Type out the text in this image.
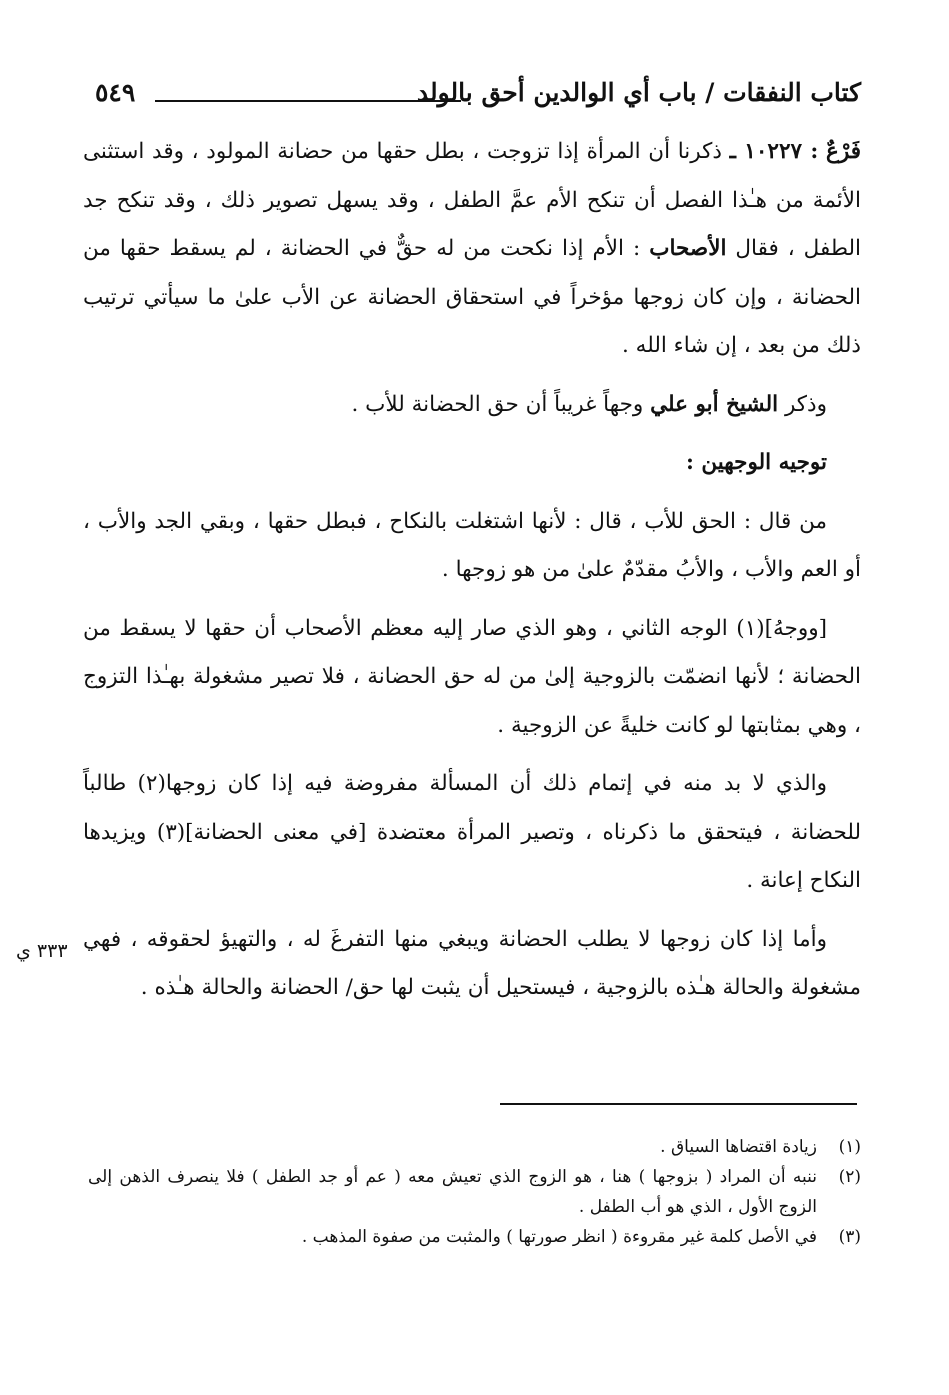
كتاب النفقات / باب أي الوالدين أحق بالولد
٥٤٩

فَرْعٌ : ١٠٢٢٧ ـ ذكرنا أن المرأة إذا تزوجت ، بطل حقها من حضانة المولود ، وقد استثنى الأئمة من هـٰذا الفصل أن تنكح الأم عمَّ الطفل ، وقد يسهل تصوير ذلك ، وقد تنكح جد الطفل ، فقال الأصحاب : الأم إذا نكحت من له حقٌّ في الحضانة ، لم يسقط حقها من الحضانة ، وإن كان زوجها مؤخراً في استحقاق الحضانة عن الأب علىٰ ما سيأتي ترتيب ذلك من بعد ، إن شاء الله .

وذكر الشيخ أبو علي وجهاً غريباً أن حق الحضانة للأب .

توجيه الوجهين :

من قال : الحق للأب ، قال : لأنها اشتغلت بالنكاح ، فبطل حقها ، وبقي الجد والأب ، أو العم والأب ، والأبُ مقدّمٌ علىٰ من هو زوجها .

[ووجهُ](١) الوجه الثاني ، وهو الذي صار إليه معظم الأصحاب أن حقها لا يسقط من الحضانة ؛ لأنها انضمّت بالزوجية إلىٰ من له حق الحضانة ، فلا تصير مشغولة بهـٰذا التزوج ، وهي بمثابتها لو كانت خليةً عن الزوجية .

والذي لا بد منه في إتمام ذلك أن المسألة مفروضة فيه إذا كان زوجها(٢) طالباً للحضانة ، فيتحقق ما ذكرناه ، وتصير المرأة معتضدة [في معنى الحضانة](٣) ويزيدها النكاح إعانة .

وأما إذا كان زوجها لا يطلب الحضانة ويبغي منها التفرغَ له ، والتهيؤ لحقوقه ، فهي مشغولة والحالة هـٰذه بالزوجية ، فيستحيل أن يثبت لها حق/ الحضانة والحالة هـٰذه .

٣٣٣ ي
(١)
زيادة اقتضاها السياق .
(٢)
ننبه أن المراد ( بزوجها ) هنا ، هو الزوج الذي تعيش معه ( عم أو جد الطفل ) فلا ينصرف الذهن إلى الزوج الأول ، الذي هو أب الطفل .
(٣)
في الأصل كلمة غير مقروءة ( انظر صورتها ) والمثبت من صفوة المذهب .
